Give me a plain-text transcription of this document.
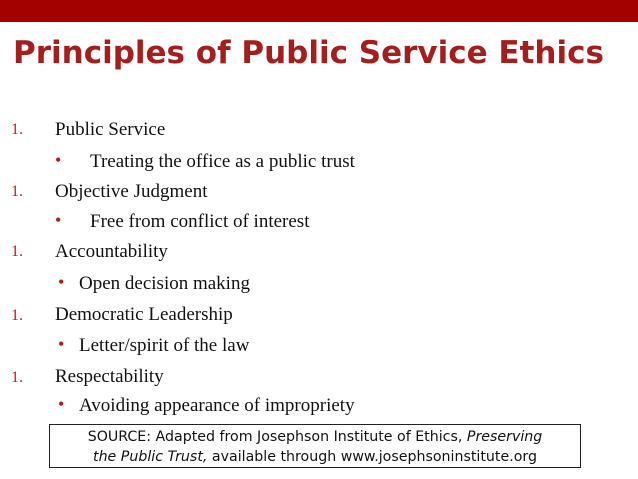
Principles of Public Service Ethics
1. Public Service
• Treating the office as a public trust
1. Objective Judgment
• Free from conflict of interest
1. Accountability
• Open decision making
1. Democratic Leadership
• Letter/spirit of the law
1. Respectability
• Avoiding appearance of impropriety
SOURCE: Adapted from Josephson Institute of Ethics, Preserving
the Public Trust, available through www.josephsoninstitute.org
